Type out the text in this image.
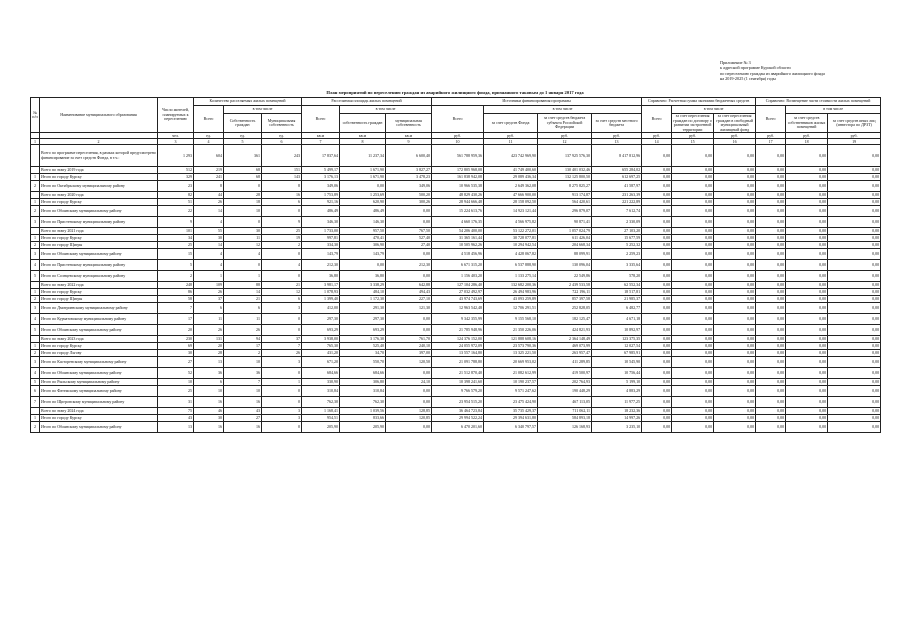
Приложение № 3
к адресной программе Курской области
по переселению граждан из аварийного жилищного фонда
на 2019-2025 (1 сентября) годы
План мероприятий по переселению граждан из аварийного жилищного фонда, признанного таковым до 1 января 2017 года
№ п/п	Наименование муниципального образования	Число жителей, планируемых к переселению	Количество расселяемых жилых помещений			Расселяемая площадь жилых помещений			Источники финансирования программы				Справочно: Расчетная сумма экономии бюджетных средств			Справочно: Возмещение части стоимости жилых помещений		
			Всего	в том числе		Всего	в том числе		Всего	в том числе			Всего	в том числе		Всего	в том числе	
				Собственность граждан	Муниципальная собственность		собственность граждан	муниципальная собственность		за счет средств Фонда	за счет средств бюджета субъекта Российской Федерации	за счет средств местного бюджета		за счет переселения граждан по договору о развитии застроенной территории	за счет переселения граждан в свободный муниципальный жилищный фонд		за счет средств собственников жилых помещений	за счет средств иных лиц (инвестора по ДРЗТ)

		чел.	ед.	ед.	ед.	кв.м	кв.м	кв.м	руб.	руб.	руб.	руб.	руб.	руб.	руб.	руб.	руб.	руб.
1	2	3	4	5	6	7	8	9	10	11	12	13	14	15	16	17	18	19
	Всего по программе переселения, в рамках которой предусмотрено финансирование за счет средств Фонда, в т.ч.:	1 293	604	361	243	17 837,64	11 237,34	6 600,40	561 788 959,36	423 742 969,90	137 925 576,30	8 417 812,96	0,00	0,00	0,00	0,00	0,00	0,00
	Всего по этапу 2019 года	512	219	68	151	5 499,17	1 671,90	3 827,27	172 805 968,08	41 749 400,60	130 401 032,46	655 284,02	0,00	0,00	0,00	0,00	0,00	0,00
1	Итого по городу Курску	329	241	68	143	3 176,13	1 671,90	3 478,23	161 838 942,08	29 089 436,34	132 125 800,50	612 697,25	0,00	0,00	0,00	0,00	0,00	0,00
2	Итого по Октябрьскому муниципальному району	23	8	0	8	349,06	0,00	349,06	10 966 535,38	2 649 362,08	8 275 825,27	41 587,97	0,00	0,00	0,00	0,00	0,00	0,00
	Всего по этапу 2020 года	82	44	28	16	1 753,89	1 253,69	500,20	48 829 430,26	47 666 900,00	913 174,87	231 263,39	0,00	0,00	0,00	0,00	0,00	0,00
1	Итого по городу Курску	51	26	18	6	921,16	620,90	300,26	28 944 666,48	28 158 092,50	564 420,61	221 222,89	0,00	0,00	0,00	0,00	0,00	0,00
2	Итого по Обоянскому муниципальному району	22	14	10	0	486,49	486,49	0,00	15 224 613,76	14 923 121,44	296 879,07	7 612,74	0,00	0,00	0,00	0,00	0,00	0,00
3	Итого по Пристенскому муниципальному району	9	4	0	9	346,30	146,30	0,00	4 660 176,35	4 566 975,82	90 871,41	2 330,09	0,00	0,00	0,00	0,00	0,00	0,00
	Всего по этапу 2021 года	101	55	30	25	1 733,00	957,50	767,50	54 206 400,00	53 122 272,01	1 057 024,79	27 103,20	0,00	0,00	0,00	0,00	0,00	0,00
1	Итого по городу Курску	34	30	11	19	997,81	470,41	527,40	31 365 161,44	30 728 077,81	611 426,04	15 677,59	0,00	0,00	0,00	0,00	0,00	0,00
2	Итого по городу Щигры	25	14	12	2	334,30	306,90	27,40	10 505 962,26	10 294 942,54	204 668,34	5 252,32	0,00	0,00	0,00	0,00	0,00	0,00
3	Итого по Обоянскому муниципальному району	15	4	4	0	143,79	143,79	0,00	4 518 456,96	4 428 067,82	88 099,91	2 259,23	0,00	0,00	0,00	0,00	0,00	0,00
4	Итого по Пристенскому муниципальному району	5	4	0	4	212,30	0,00	212,30	6 671 315,20	6 537 888,90	130 096,04	3 335,64	0,00	0,00	0,00	0,00	0,00	0,00
5	Итого по Солнцевскому муниципальному району	2	1	1	0	36,80	36,80	0,00	1 156 403,20	1 133 275,14	22 549,86	578,20	0,00	0,00	0,00	0,00	0,00	0,00
	Всего по этапу 2022 года	248	109	88	21	3 981,17	3 338,29	642,88	127 104 286,40	132 682 200,36	2 439 533,58	62 552,34	0,00	0,00	0,00	0,00	0,00	0,00
1	Итого по городу Курску	86	26	14	12	1 078,93	484,10	494,43	27 032 492,97	26 494 983,96	722 196,11	18 517,81	0,00	0,00	0,00	0,00	0,00	0,00
2	Итого по городу Щигры	58	37	21	6	1 399,40	1 172,30	227,10	43 974 743,69	43 093 259,89	857 397,58	21 985,37	0,00	0,00	0,00	0,00	0,00	0,00
3	Итого по Дмитриевскому муниципальному району	7	6	6	3	412,00	291,30	121,30	12 963 542,48	12 706 291,51	252 828,05	6 482,77	0,00	0,00	0,00	0,00	0,00	0,00
4	Итого по Курчатовскому муниципальному району	17	11	11	0	297,30	297,30	0,00	9 342 355,99	9 155 568,10	182 125,47	4 671,18	0,00	0,00	0,00	0,00	0,00	0,00
5	Итого по Обоянскому муниципальному району	20	26	26	0	693,29	693,29	0,00	21 785 948,96	21 350 226,06	424 821,93	10 892,97	0,00	0,00	0,00	0,00	0,00	0,00
	Всего по этапу 2023 года	230	131	94	37	3 938,00	3 176,30	761,70	124 376 152,00	121 888 608,16	2 364 148,49	123 375,35	0,00	0,00	0,00	0,00	0,00	0,00
1	Итого по городу Курску	69	20	17	7	765,30	525,40	240,10	24 055 972,09	23 573 790,36	469 073,99	12 027,54	0,00	0,00	0,00	0,00	0,00	0,00
2	Итого по городу Льгову	30	28	2	26	431,20	34,70	397,00	13 557 164,80	13 325 221,50	263 957,47	67 985,91	0,00	0,00	0,00	0,00	0,00	0,00
3	Итого по Касторенскому муниципальному району	27	13	10	3	671,20	550,70	120,50	21 091 788,80	20 669 953,02	411 289,85	10 545,90	0,00	0,00	0,00	0,00	0,00	0,00
4	Итого по Обоянскому муниципальному району	52	36	36	0	684,66	684,66	0,00	21 512 870,40	21 082 612,99	419 500,97	10 756,44	0,00	0,00	0,00	0,00	0,00	0,00
5	Итого по Рыльскому муниципальному району	10	6	7	1	330,90	306,80	24,10	10 398 241,60	10 190 237,57	202 764,93	5 199,10	0,00	0,00	0,00	0,00	0,00	0,00
6	Итого по Фатежскому муниципальному району	25	10	10	0	310,84	310,84	0,00	9 766 579,20	9 571 247,62	190 448,29	4 883,29	0,00	0,00	0,00	0,00	0,00	0,00
7	Итого по Щигровскому муниципальному району	31	16	16	0	762,30	762,30	0,00	23 954 515,20	23 475 424,90	467 113,05	11 977,25	0,00	0,00	0,00	0,00	0,00	0,00
	Всего по этапу 2024 года	75	46	43	3	1 168,41	1 039,56	128,85	36 464 723,84	35 735 429,37	711 062,11	18 232,36	0,00	0,00	0,00	0,00	0,00	0,00
1	Итого по городу Курску	43	30	27	3	954,51	833,66	120,85	29 994 522,24	29 394 631,80	584 893,18	14 997,26	0,00	0,00	0,00	0,00	0,00	0,00
2	Итого по Обоянскому муниципальному району	13	16	16	0	205,90	205,90	0,00	6 470 201,60	6 340 797,57	126 168,93	3 235,10	0,00	0,00	0,00	0,00	0,00	0,00
